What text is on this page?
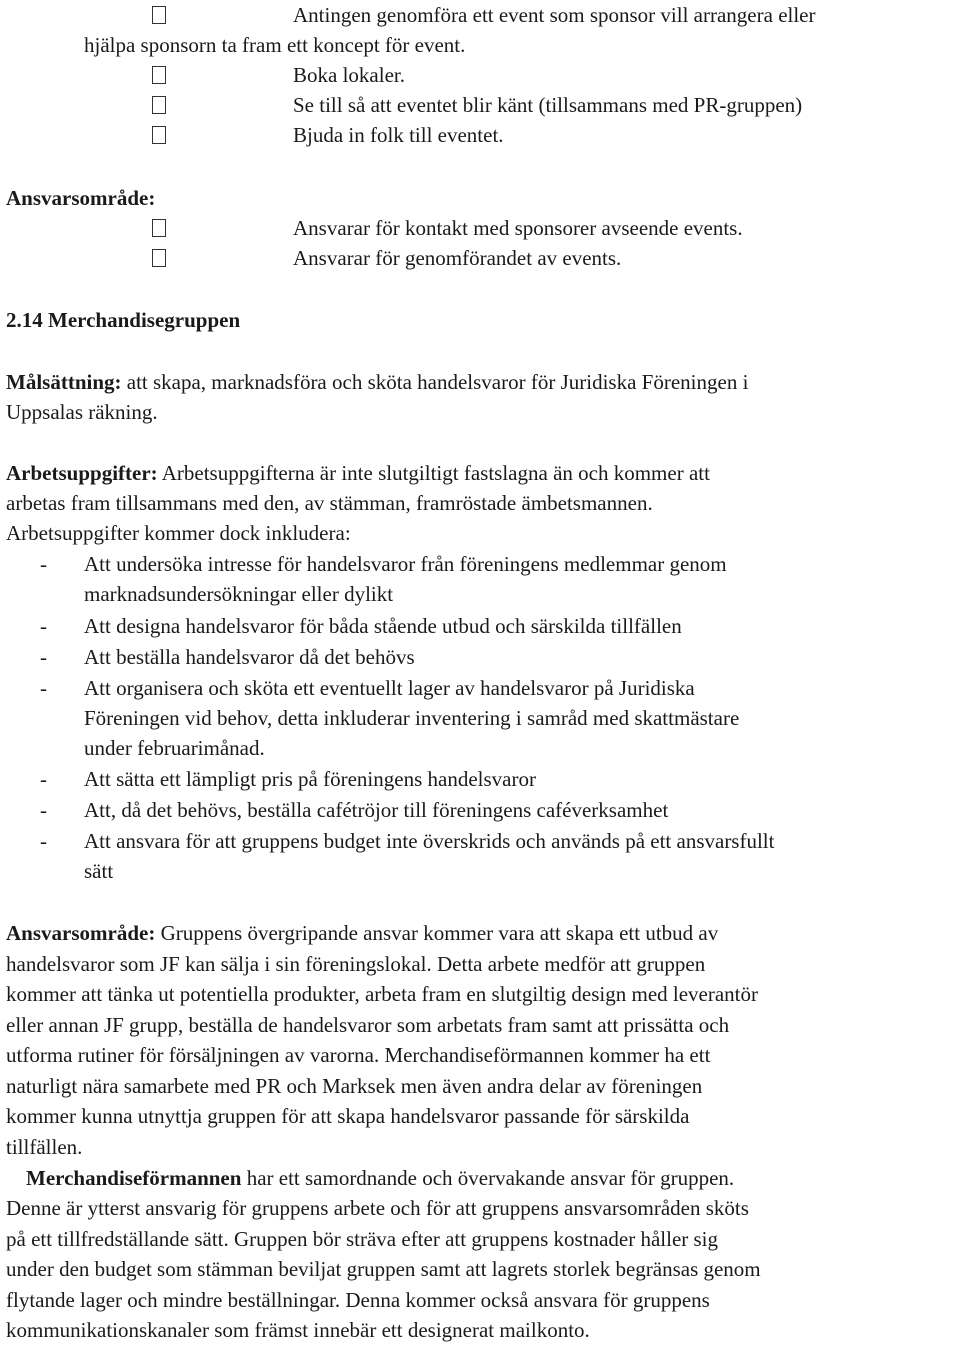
Antingen genomföra ett event som sponsor vill arrangera eller
hjälpa sponsorn ta fram ett koncept för event.
Boka lokaler.
Se till så att eventet blir känt (tillsammans med PR-gruppen)
Bjuda in folk till eventet.
Ansvarsområde:
Ansvarar för kontakt med sponsorer avseende events.
Ansvarar för genomförandet av events.
2.14 Merchandisegruppen
Målsättning: att skapa, marknadsföra och sköta handelsvaror för Juridiska Föreningen i
Uppsalas räkning.
Arbetsuppgifter: Arbetsuppgifterna är inte slutgiltigt fastslagna än och kommer att
arbetas fram tillsammans med den, av stämman, framröstade ämbetsmannen.
Arbetsuppgifter kommer dock inkludera:
- Att undersöka intresse för handelsvaror från föreningens medlemmar genom
marknadsundersökningar eller dylikt
- Att designa handelsvaror för båda stående utbud och särskilda tillfällen
- Att beställa handelsvaror då det behövs
- Att organisera och sköta ett eventuellt lager av handelsvaror på Juridiska
Föreningen vid behov, detta inkluderar inventering i samråd med skattmästare
under februarimånad.
- Att sätta ett lämpligt pris på föreningens handelsvaror
- Att, då det behövs, beställa cafétröjor till föreningens caféverksamhet
- Att ansvara för att gruppens budget inte överskrids och används på ett ansvarsfullt
sätt
Ansvarsområde: Gruppens övergripande ansvar kommer vara att skapa ett utbud av
handelsvaror som JF kan sälja i sin föreningslokal. Detta arbete medför att gruppen
kommer att tänka ut potentiella produkter, arbeta fram en slutgiltig design med leverantör
eller annan JF grupp, beställa de handelsvaror som arbetats fram samt att prissätta och
utforma rutiner för försäljningen av varorna. Merchandiseförmannen kommer ha ett
naturligt nära samarbete med PR och Marksek men även andra delar av föreningen
kommer kunna utnyttja gruppen för att skapa handelsvaror passande för särskilda
tillfällen.
Merchandiseförmannen har ett samordnande och övervakande ansvar för gruppen.
Denne är ytterst ansvarig för gruppens arbete och för att gruppens ansvarsområden sköts
på ett tillfredställande sätt. Gruppen bör sträva efter att gruppens kostnader håller sig
under den budget som stämman beviljat gruppen samt att lagrets storlek begränsas genom
flytande lager och mindre beställningar. Denna kommer också ansvara för gruppens
kommunikationskanaler som främst innebär ett designerat mailkonto.
